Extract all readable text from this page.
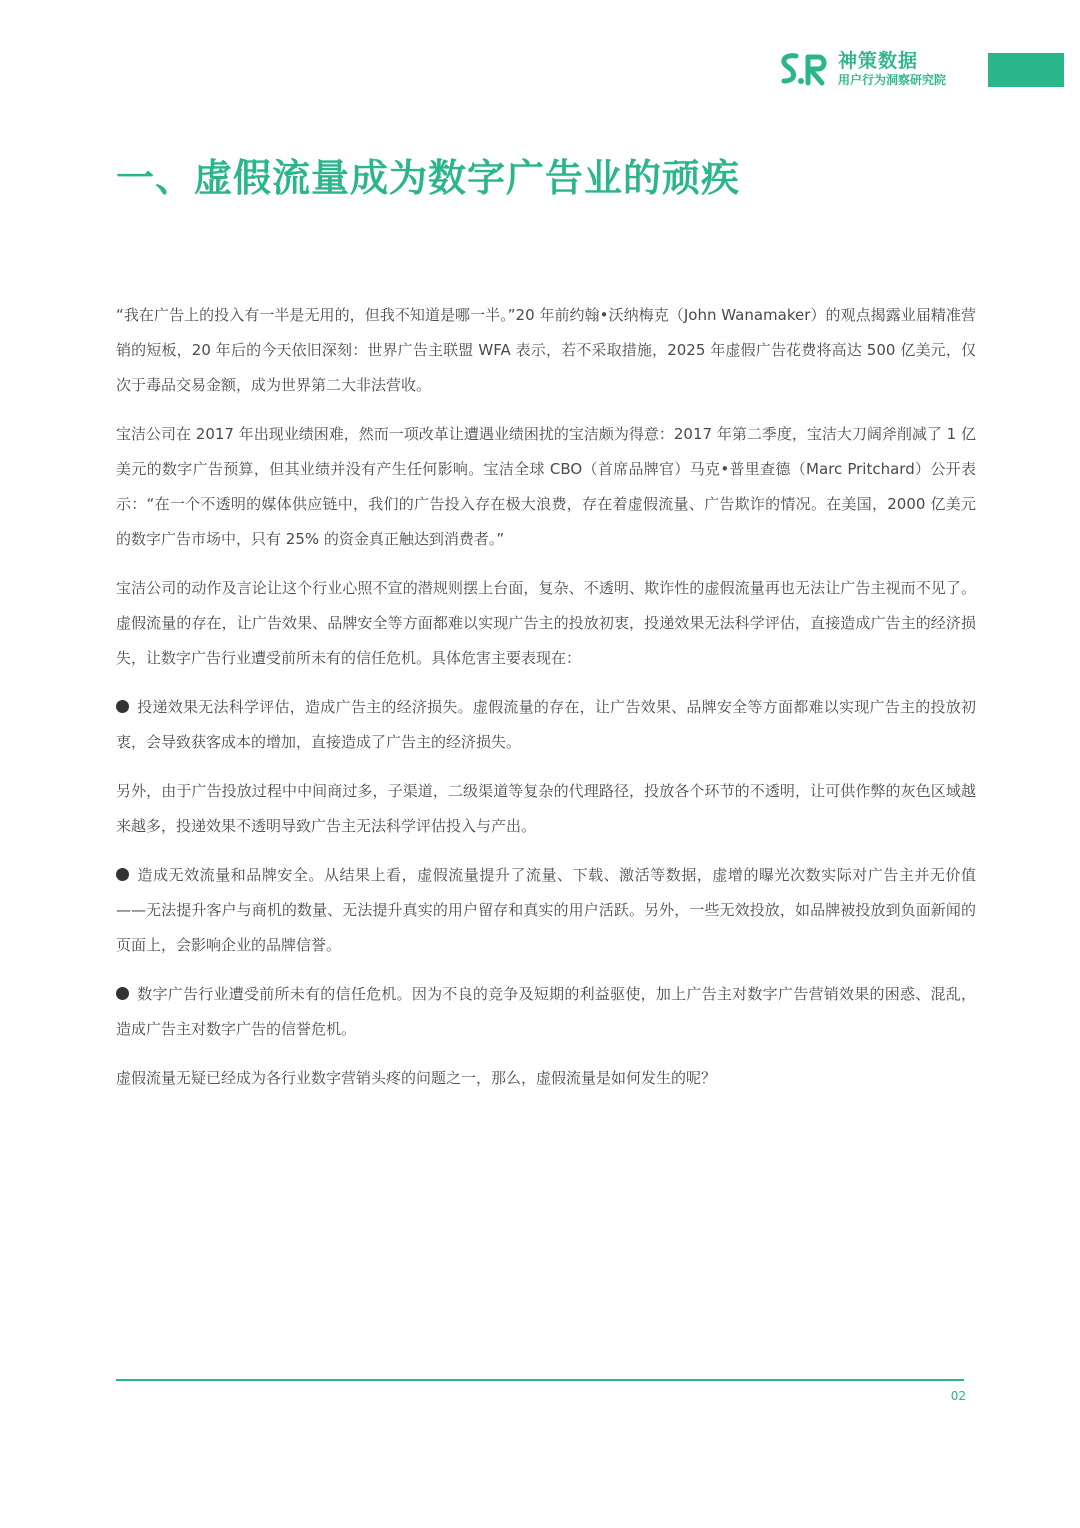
神策数据
用户行为洞察研究院
一、虚假流量成为数字广告业的顽疾

“我在广告上的投入有一半是无用的，但我不知道是哪一半。”20 年前约翰•沃纳梅克（John Wanamaker）的观点揭露业届精准营销的短板，20 年后的今天依旧深刻：世界广告主联盟 WFA 表示，若不采取措施，2025 年虚假广告花费将高达 500 亿美元，仅次于毒品交易金额，成为世界第二大非法营收。

宝洁公司在 2017 年出现业绩困难，然而一项改革让遭遇业绩困扰的宝洁颇为得意：2017 年第二季度，宝洁大刀阔斧削减了 1 亿美元的数字广告预算，但其业绩并没有产生任何影响。宝洁全球 CBO（首席品牌官）马克•普里查德（Marc Pritchard）公开表示：“在一个不透明的媒体供应链中，我们的广告投入存在极大浪费，存在着虚假流量、广告欺诈的情况。在美国，2000 亿美元的数字广告市场中，只有 25% 的资金真正触达到消费者。”

宝洁公司的动作及言论让这个行业心照不宣的潜规则摆上台面，复杂、不透明、欺诈性的虚假流量再也无法让广告主视而不见了。虚假流量的存在，让广告效果、品牌安全等方面都难以实现广告主的投放初衷，投递效果无法科学评估，直接造成广告主的经济损失，让数字广告行业遭受前所未有的信任危机。具体危害主要表现在：

投递效果无法科学评估，造成广告主的经济损失。虚假流量的存在，让广告效果、品牌安全等方面都难以实现广告主的投放初衷，会导致获客成本的增加，直接造成了广告主的经济损失。

另外，由于广告投放过程中中间商过多，子渠道，二级渠道等复杂的代理路径，投放各个环节的不透明，让可供作弊的灰色区域越来越多，投递效果不透明导致广告主无法科学评估投入与产出。

造成无效流量和品牌安全。从结果上看，虚假流量提升了流量、下载、激活等数据，虚增的曝光次数实际对广告主并无价值——无法提升客户与商机的数量、无法提升真实的用户留存和真实的用户活跃。另外，一些无效投放，如品牌被投放到负面新闻的页面上，会影响企业的品牌信誉。

数字广告行业遭受前所未有的信任危机。因为不良的竞争及短期的利益驱使，加上广告主对数字广告营销效果的困惑、混乱，造成广告主对数字广告的信誉危机。

虚假流量无疑已经成为各行业数字营销头疼的问题之一，那么，虚假流量是如何发生的呢？

02
